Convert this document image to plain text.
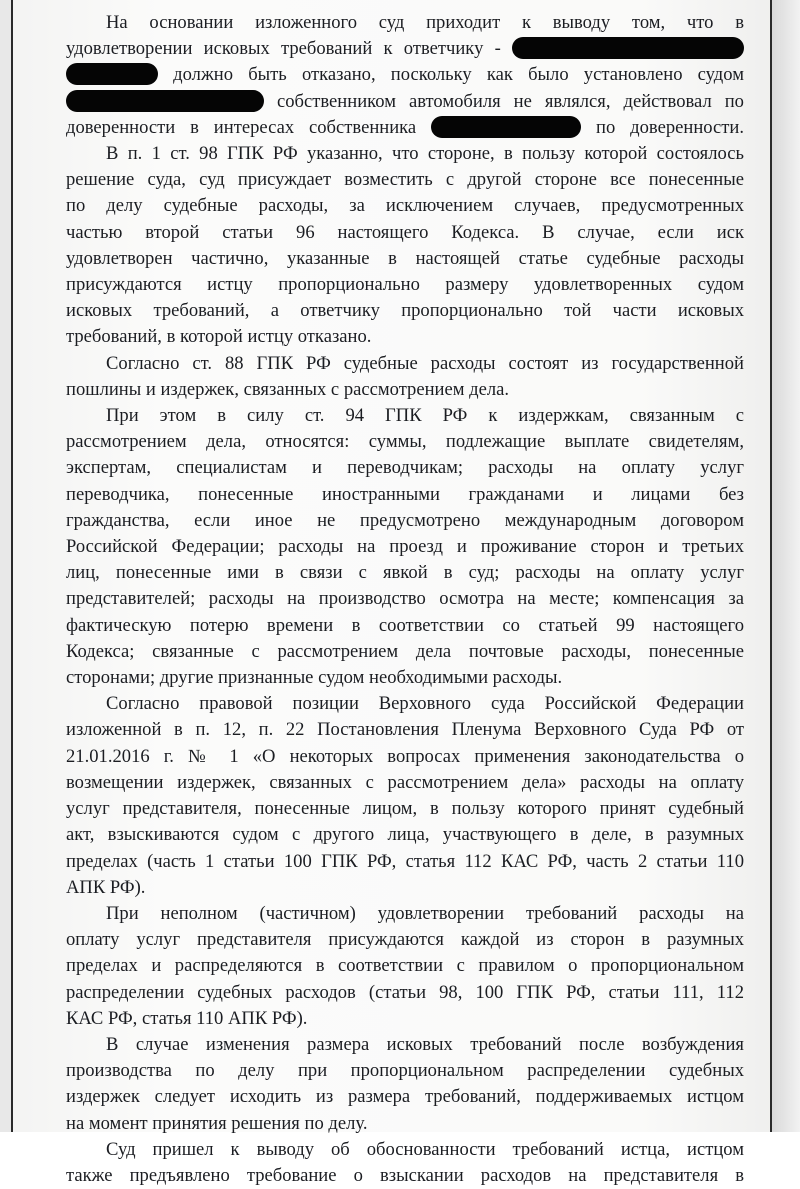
На основании изложенного суд приходит к выводу том, что в
удовлетворении исковых требований к ответчику -
должно быть отказано, поскольку как было установлено судом
собственником автомобиля не являлся, действовал по
доверенности в интересах собственника	по доверенности.

В п. 1 ст. 98 ГПК РФ указанно, что стороне, в пользу которой состоялось
решение суда, суд присуждает возместить с другой стороне все понесенные
по делу судебные расходы, за исключением случаев, предусмотренных
частью второй статьи 96 настоящего Кодекса. В случае, если иск
удовлетворен частично, указанные в настоящей статье судебные расходы
присуждаются истцу пропорционально размеру удовлетворенных судом
исковых требований, а ответчику пропорционально той части исковых
требований, в которой истцу отказано.

Согласно ст. 88 ГПК РФ судебные расходы состоят из государственной
пошлины и издержек, связанных с рассмотрением дела.

При этом в силу ст. 94 ГПК РФ к издержкам, связанным с
рассмотрением дела, относятся: суммы, подлежащие выплате свидетелям,
экспертам, специалистам и переводчикам; расходы на оплату услуг
переводчика, понесенные иностранными гражданами и лицами без
гражданства, если иное не предусмотрено международным договором
Российской Федерации; расходы на проезд и проживание сторон и третьих
лиц, понесенные ими в связи с явкой в суд; расходы на оплату услуг
представителей; расходы на производство осмотра на месте; компенсация за
фактическую потерю времени в соответствии со статьей 99 настоящего
Кодекса; связанные с рассмотрением дела почтовые расходы, понесенные
сторонами; другие признанные судом необходимыми расходы.

Согласно правовой позиции Верховного суда Российской Федерации
изложенной в п. 12, п. 22 Постановления Пленума Верховного Суда РФ от
21.01.2016 г. № 1 «О некоторых вопросах применения законодательства о
возмещении издержек, связанных с рассмотрением дела» расходы на оплату
услуг представителя, понесенные лицом, в пользу которого принят судебный
акт, взыскиваются судом с другого лица, участвующего в деле, в разумных
пределах (часть 1 статьи 100 ГПК РФ, статья 112 КАС РФ, часть 2 статьи 110
АПК РФ).

При неполном (частичном) удовлетворении требований расходы на
оплату услуг представителя присуждаются каждой из сторон в разумных
пределах и распределяются в соответствии с правилом о пропорциональном
распределении судебных расходов (статьи 98, 100 ГПК РФ, статьи 111, 112
КАС РФ, статья 110 АПК РФ).

В случае изменения размера исковых требований после возбуждения
производства по делу при пропорциональном распределении судебных
издержек следует исходить из размера требований, поддерживаемых истцом
на момент принятия решения по делу.

Суд пришел к выводу об обоснованности требований истца, истцом
также предъявлено требование о взыскании расходов на представителя в
